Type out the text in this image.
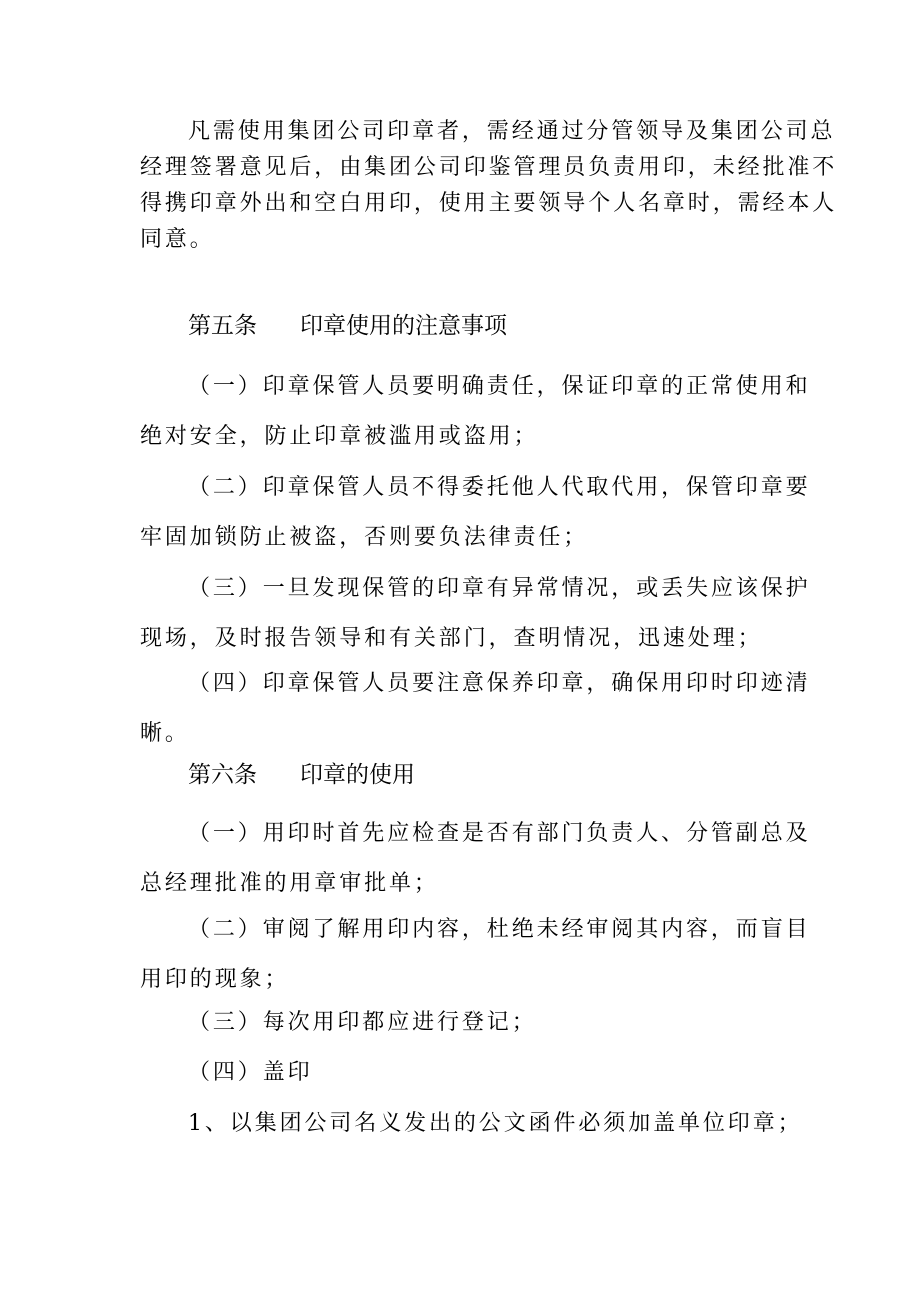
凡需使用集团公司印章者，需经通过分管领导及集团公司总
经理签署意见后，由集团公司印鉴管理员负责用印，未经批准不
得携印章外出和空白用印，使用主要领导个人名章时，需经本人
同意。
第五条 印章使用的注意事项
（一）印章保管人员要明确责任，保证印章的正常使用和
绝对安全，防止印章被滥用或盗用；
（二）印章保管人员不得委托他人代取代用，保管印章要
牢固加锁防止被盗，否则要负法律责任；
（三）一旦发现保管的印章有异常情况，或丢失应该保护
现场，及时报告领导和有关部门，查明情况，迅速处理；
（四）印章保管人员要注意保养印章，确保用印时印迹清
晰。
第六条 印章的使用
（一）用印时首先应检查是否有部门负责人、分管副总及
总经理批准的用章审批单；
（二）审阅了解用印内容，杜绝未经审阅其内容，而盲目
用印的现象；
（三）每次用印都应进行登记；
（四）盖印
1、以集团公司名义发出的公文函件必须加盖单位印章；
